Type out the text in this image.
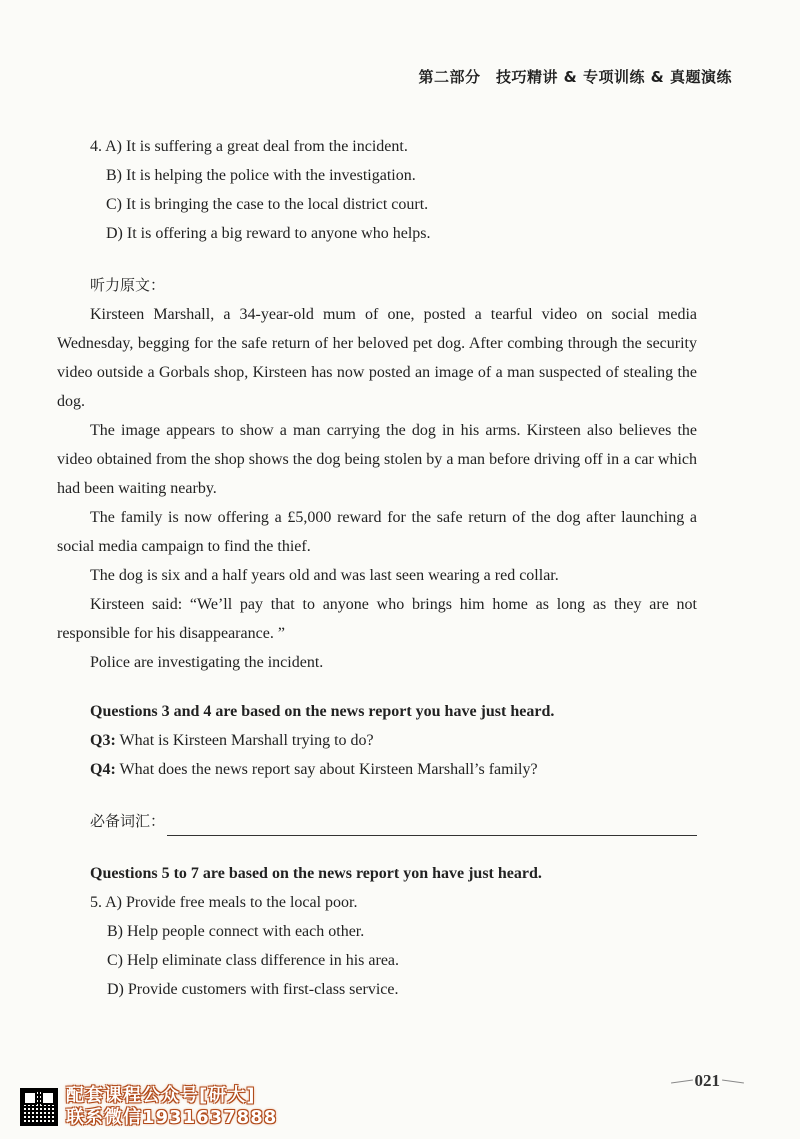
第二部分　技巧精讲 & 专项训练 & 真题演练
4. A) It is suffering a great deal from the incident.
B) It is helping the police with the investigation.
C) It is bringing the case to the local district court.
D) It is offering a big reward to anyone who helps.
听力原文：

Kirsteen Marshall, a 34-year-old mum of one, posted a tearful video on social media Wednesday, begging for the safe return of her beloved pet dog. After combing through the security video outside a Gorbals shop, Kirsteen has now posted an image of a man suspected of stealing the dog.

The image appears to show a man carrying the dog in his arms. Kirsteen also believes the video obtained from the shop shows the dog being stolen by a man before driving off in a car which had been waiting nearby.

The family is now offering a £5,000 reward for the safe return of the dog after launching a social media campaign to find the thief.

The dog is six and a half years old and was last seen wearing a red collar.

Kirsteen said: “We’ll pay that to anyone who brings him home as long as they are not responsible for his disappearance. ”

Police are investigating the incident.

Questions 3 and 4 are based on the news report you have just heard.
Q3: What is Kirsteen Marshall trying to do?
Q4: What does the news report say about Kirsteen Marshall’s family?
必备词汇：
Questions 5 to 7 are based on the news report yon have just heard.
5. A) Provide free meals to the local poor.
B) Help people connect with each other.
C) Help eliminate class difference in his area.
D) Provide customers with first-class service.
配套课程公众号[研大]
联系微信1931637888
021
